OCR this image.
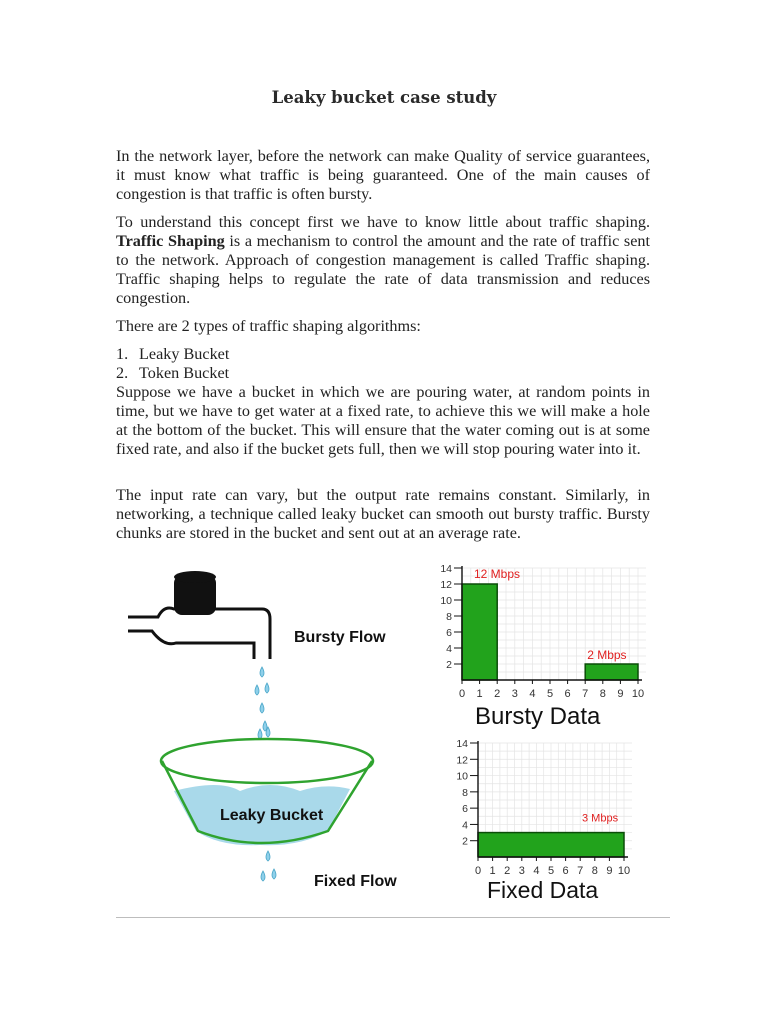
Leaky bucket case study

In the network layer, before the network can make Quality of service guarantees, it must know what traffic is being guaranteed. One of the main causes of congestion is that traffic is often bursty.

To understand this concept first we have to know little about traffic shaping. Traffic Shaping is a mechanism to control the amount and the rate of traffic sent to the network. Approach of congestion management is called Traffic shaping. Traffic shaping helps to regulate the rate of data transmission and reduces congestion.

There are 2 types of traffic shaping algorithms:

1. Leaky Bucket
2. Token Bucket

Suppose we have a bucket in which we are pouring water, at random points in time, but we have to get water at a fixed rate, to achieve this we will make a hole at the bottom of the bucket. This will ensure that the water coming out is at some fixed rate, and also if the bucket gets full, then we will stop pouring water into it.

The input rate can vary, but the output rate remains constant. Similarly, in networking, a technique called leaky bucket can smooth out bursty traffic. Bursty chunks are stored in the bucket and sent out at an average rate.

Leaky Bucket
Bursty Flow
Fixed Flow
12 Mbps
2 Mbps
2
4
6
8
10
12
14
0 1 2 3 4 5 6 7 8 9 10
Bursty Data
3 Mbps
2
4
6
8
10
12
14
0 1 2 3 4 5 6 7 8 9 10
Fixed Data
